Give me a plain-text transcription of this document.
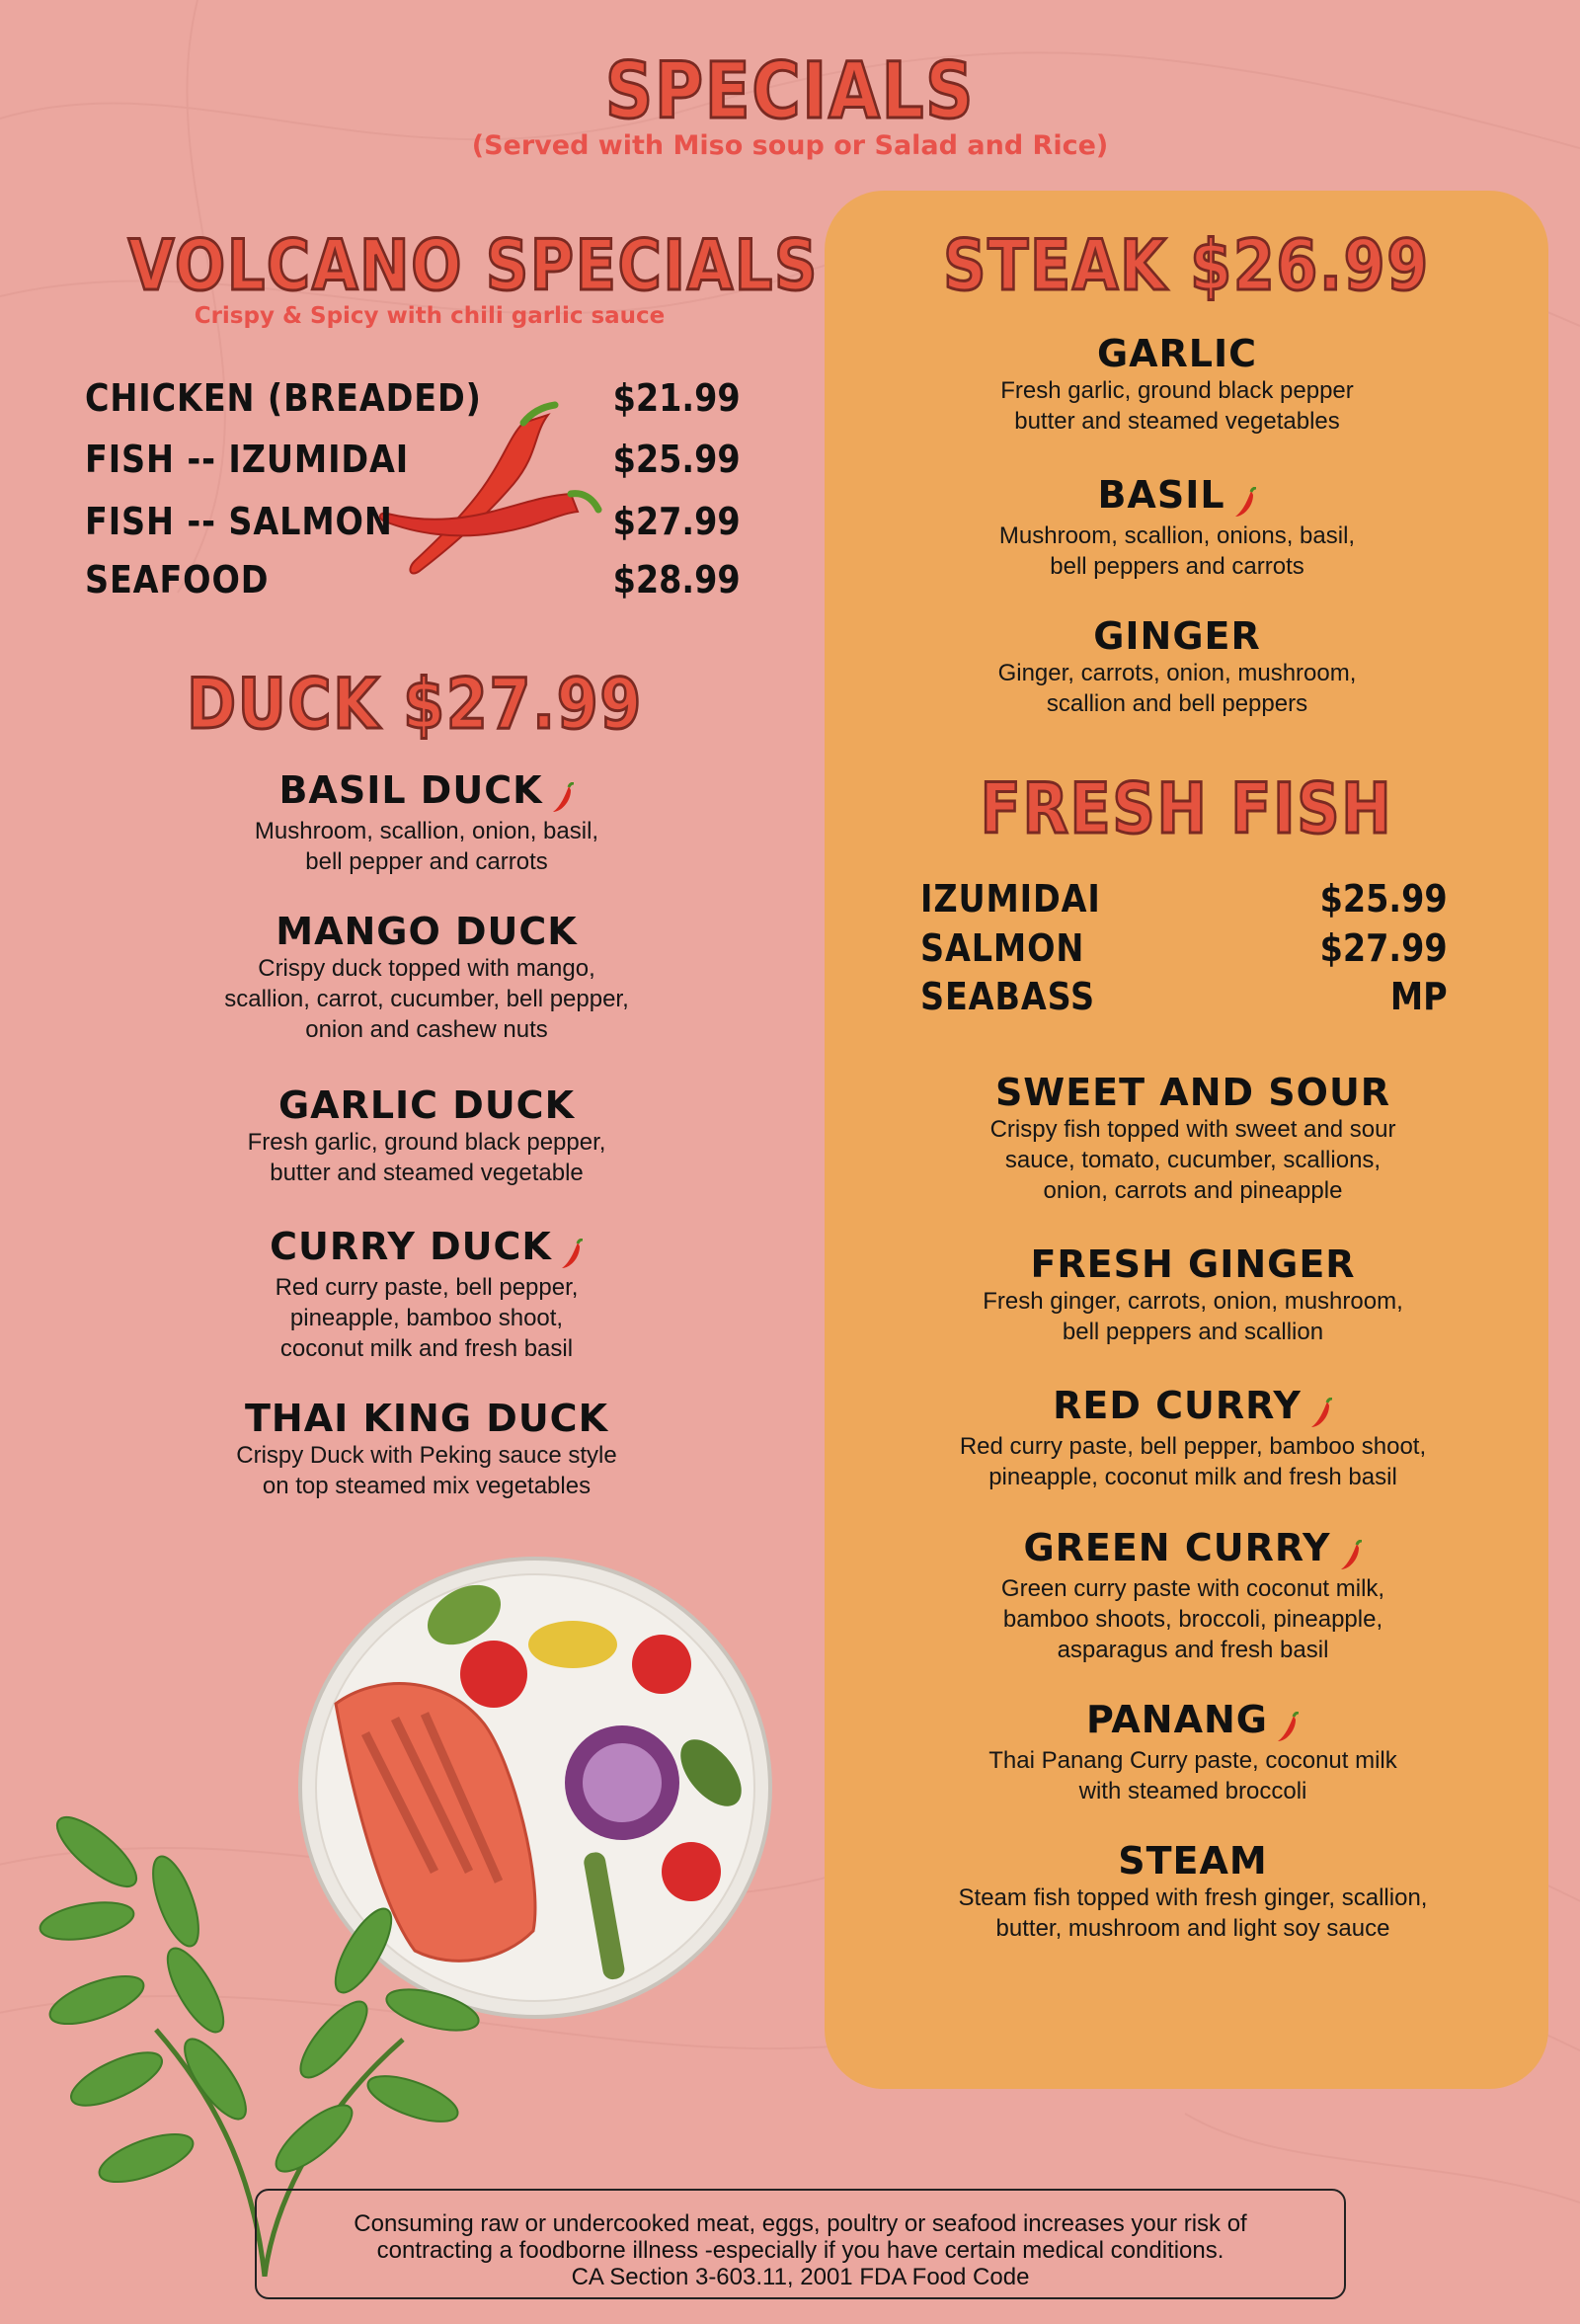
SPECIALS
(Served with Miso soup or Salad and Rice)
VOLCANO SPECIALS
Crispy & Spicy with chili garlic sauce
CHICKEN (BREADED)	$21.99
FISH -- IZUMIDAI	$25.99
FISH -- SALMON	$27.99
SEAFOOD	$28.99
DUCK $27.99
BASIL DUCK
Mushroom, scallion, onion, basil,
bell pepper and carrots
MANGO DUCK
Crispy duck topped with mango,
scallion, carrot, cucumber, bell pepper,
onion and cashew nuts
GARLIC DUCK
Fresh garlic, ground black pepper,
butter and steamed vegetable
CURRY DUCK
Red curry paste, bell pepper,
pineapple, bamboo shoot,
coconut milk and fresh basil
THAI KING DUCK
Crispy Duck with Peking sauce style
on top steamed mix vegetables
STEAK $26.99
GARLIC
Fresh garlic, ground black pepper
butter and steamed vegetables
BASIL
Mushroom, scallion, onions, basil,
bell peppers and carrots
GINGER
Ginger, carrots, onion, mushroom,
scallion and bell peppers
FRESH FISH
IZUMIDAI	$25.99
SALMON	$27.99
SEABASS	MP
SWEET AND SOUR
Crispy fish topped with sweet and sour
sauce, tomato, cucumber, scallions,
onion, carrots and pineapple
FRESH GINGER
Fresh ginger, carrots, onion, mushroom,
bell peppers and scallion
RED CURRY
Red curry paste, bell pepper, bamboo shoot,
pineapple, coconut milk and fresh basil
GREEN CURRY
Green curry paste with coconut milk,
bamboo shoots, broccoli, pineapple,
asparagus and fresh basil
PANANG
Thai Panang Curry paste, coconut milk
with steamed broccoli
STEAM
Steam fish topped with fresh ginger, scallion,
butter, mushroom and light soy sauce
Consuming raw or undercooked meat, eggs, poultry or seafood increases your risk of
contracting a foodborne illness -especially if you have certain medical conditions.
CA Section 3-603.11, 2001 FDA Food Code
